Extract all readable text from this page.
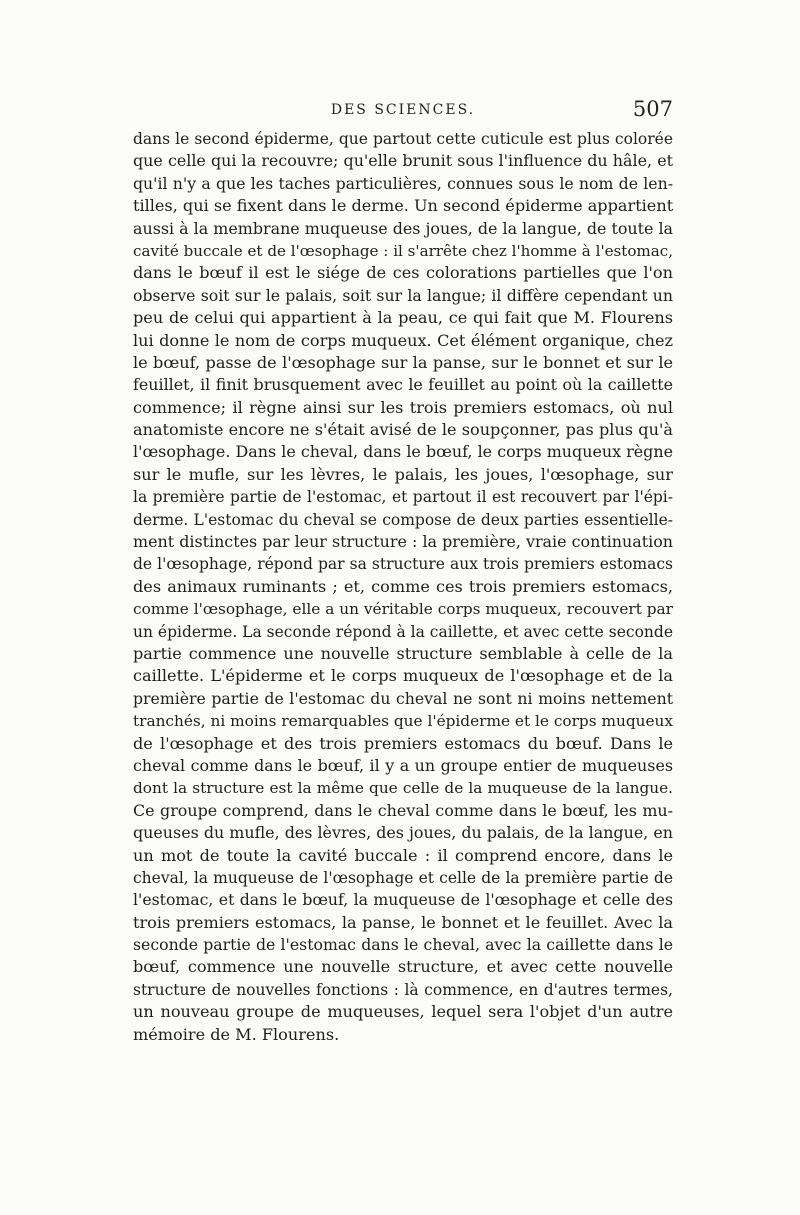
DES SCIENCES.	507
dans le second épiderme, que partout cette cuticule est plus colorée
que celle qui la recouvre; qu'elle brunit sous l'influence du hâle, et
qu'il n'y a que les taches particulières, connues sous le nom de len-
tilles, qui se fixent dans le derme. Un second épiderme appartient
aussi à la membrane muqueuse des joues, de la langue, de toute la
cavité buccale et de l'œsophage : il s'arrête chez l'homme à l'estomac,
dans le bœuf il est le siége de ces colorations partielles que l'on
observe soit sur le palais, soit sur la langue; il diffère cependant un
peu de celui qui appartient à la peau, ce qui fait que M. Flourens
lui donne le nom de corps muqueux. Cet élément organique, chez
le bœuf, passe de l'œsophage sur la panse, sur le bonnet et sur le
feuillet, il finit brusquement avec le feuillet au point où la caillette
commence; il règne ainsi sur les trois premiers estomacs, où nul
anatomiste encore ne s'était avisé de le soupçonner, pas plus qu'à
l'œsophage. Dans le cheval, dans le bœuf, le corps muqueux règne
sur le mufle, sur les lèvres, le palais, les joues, l'œsophage, sur
la première partie de l'estomac, et partout il est recouvert par l'épi-
derme. L'estomac du cheval se compose de deux parties essentielle-
ment distinctes par leur structure : la première, vraie continuation
de l'œsophage, répond par sa structure aux trois premiers estomacs
des animaux ruminants ; et, comme ces trois premiers estomacs,
comme l'œsophage, elle a un véritable corps muqueux, recouvert par
un épiderme. La seconde répond à la caillette, et avec cette seconde
partie commence une nouvelle structure semblable à celle de la
caillette. L'épiderme et le corps muqueux de l'œsophage et de la
première partie de l'estomac du cheval ne sont ni moins nettement
tranchés, ni moins remarquables que l'épiderme et le corps muqueux
de l'œsophage et des trois premiers estomacs du bœuf. Dans le
cheval comme dans le bœuf, il y a un groupe entier de muqueuses
dont la structure est la même que celle de la muqueuse de la langue.
Ce groupe comprend, dans le cheval comme dans le bœuf, les mu-
queuses du mufle, des lèvres, des joues, du palais, de la langue, en
un mot de toute la cavité buccale : il comprend encore, dans le
cheval, la muqueuse de l'œsophage et celle de la première partie de
l'estomac, et dans le bœuf, la muqueuse de l'œsophage et celle des
trois premiers estomacs, la panse, le bonnet et le feuillet. Avec la
seconde partie de l'estomac dans le cheval, avec la caillette dans le
bœuf, commence une nouvelle structure, et avec cette nouvelle
structure de nouvelles fonctions : là commence, en d'autres termes,
un nouveau groupe de muqueuses, lequel sera l'objet d'un autre
mémoire de M. Flourens.
